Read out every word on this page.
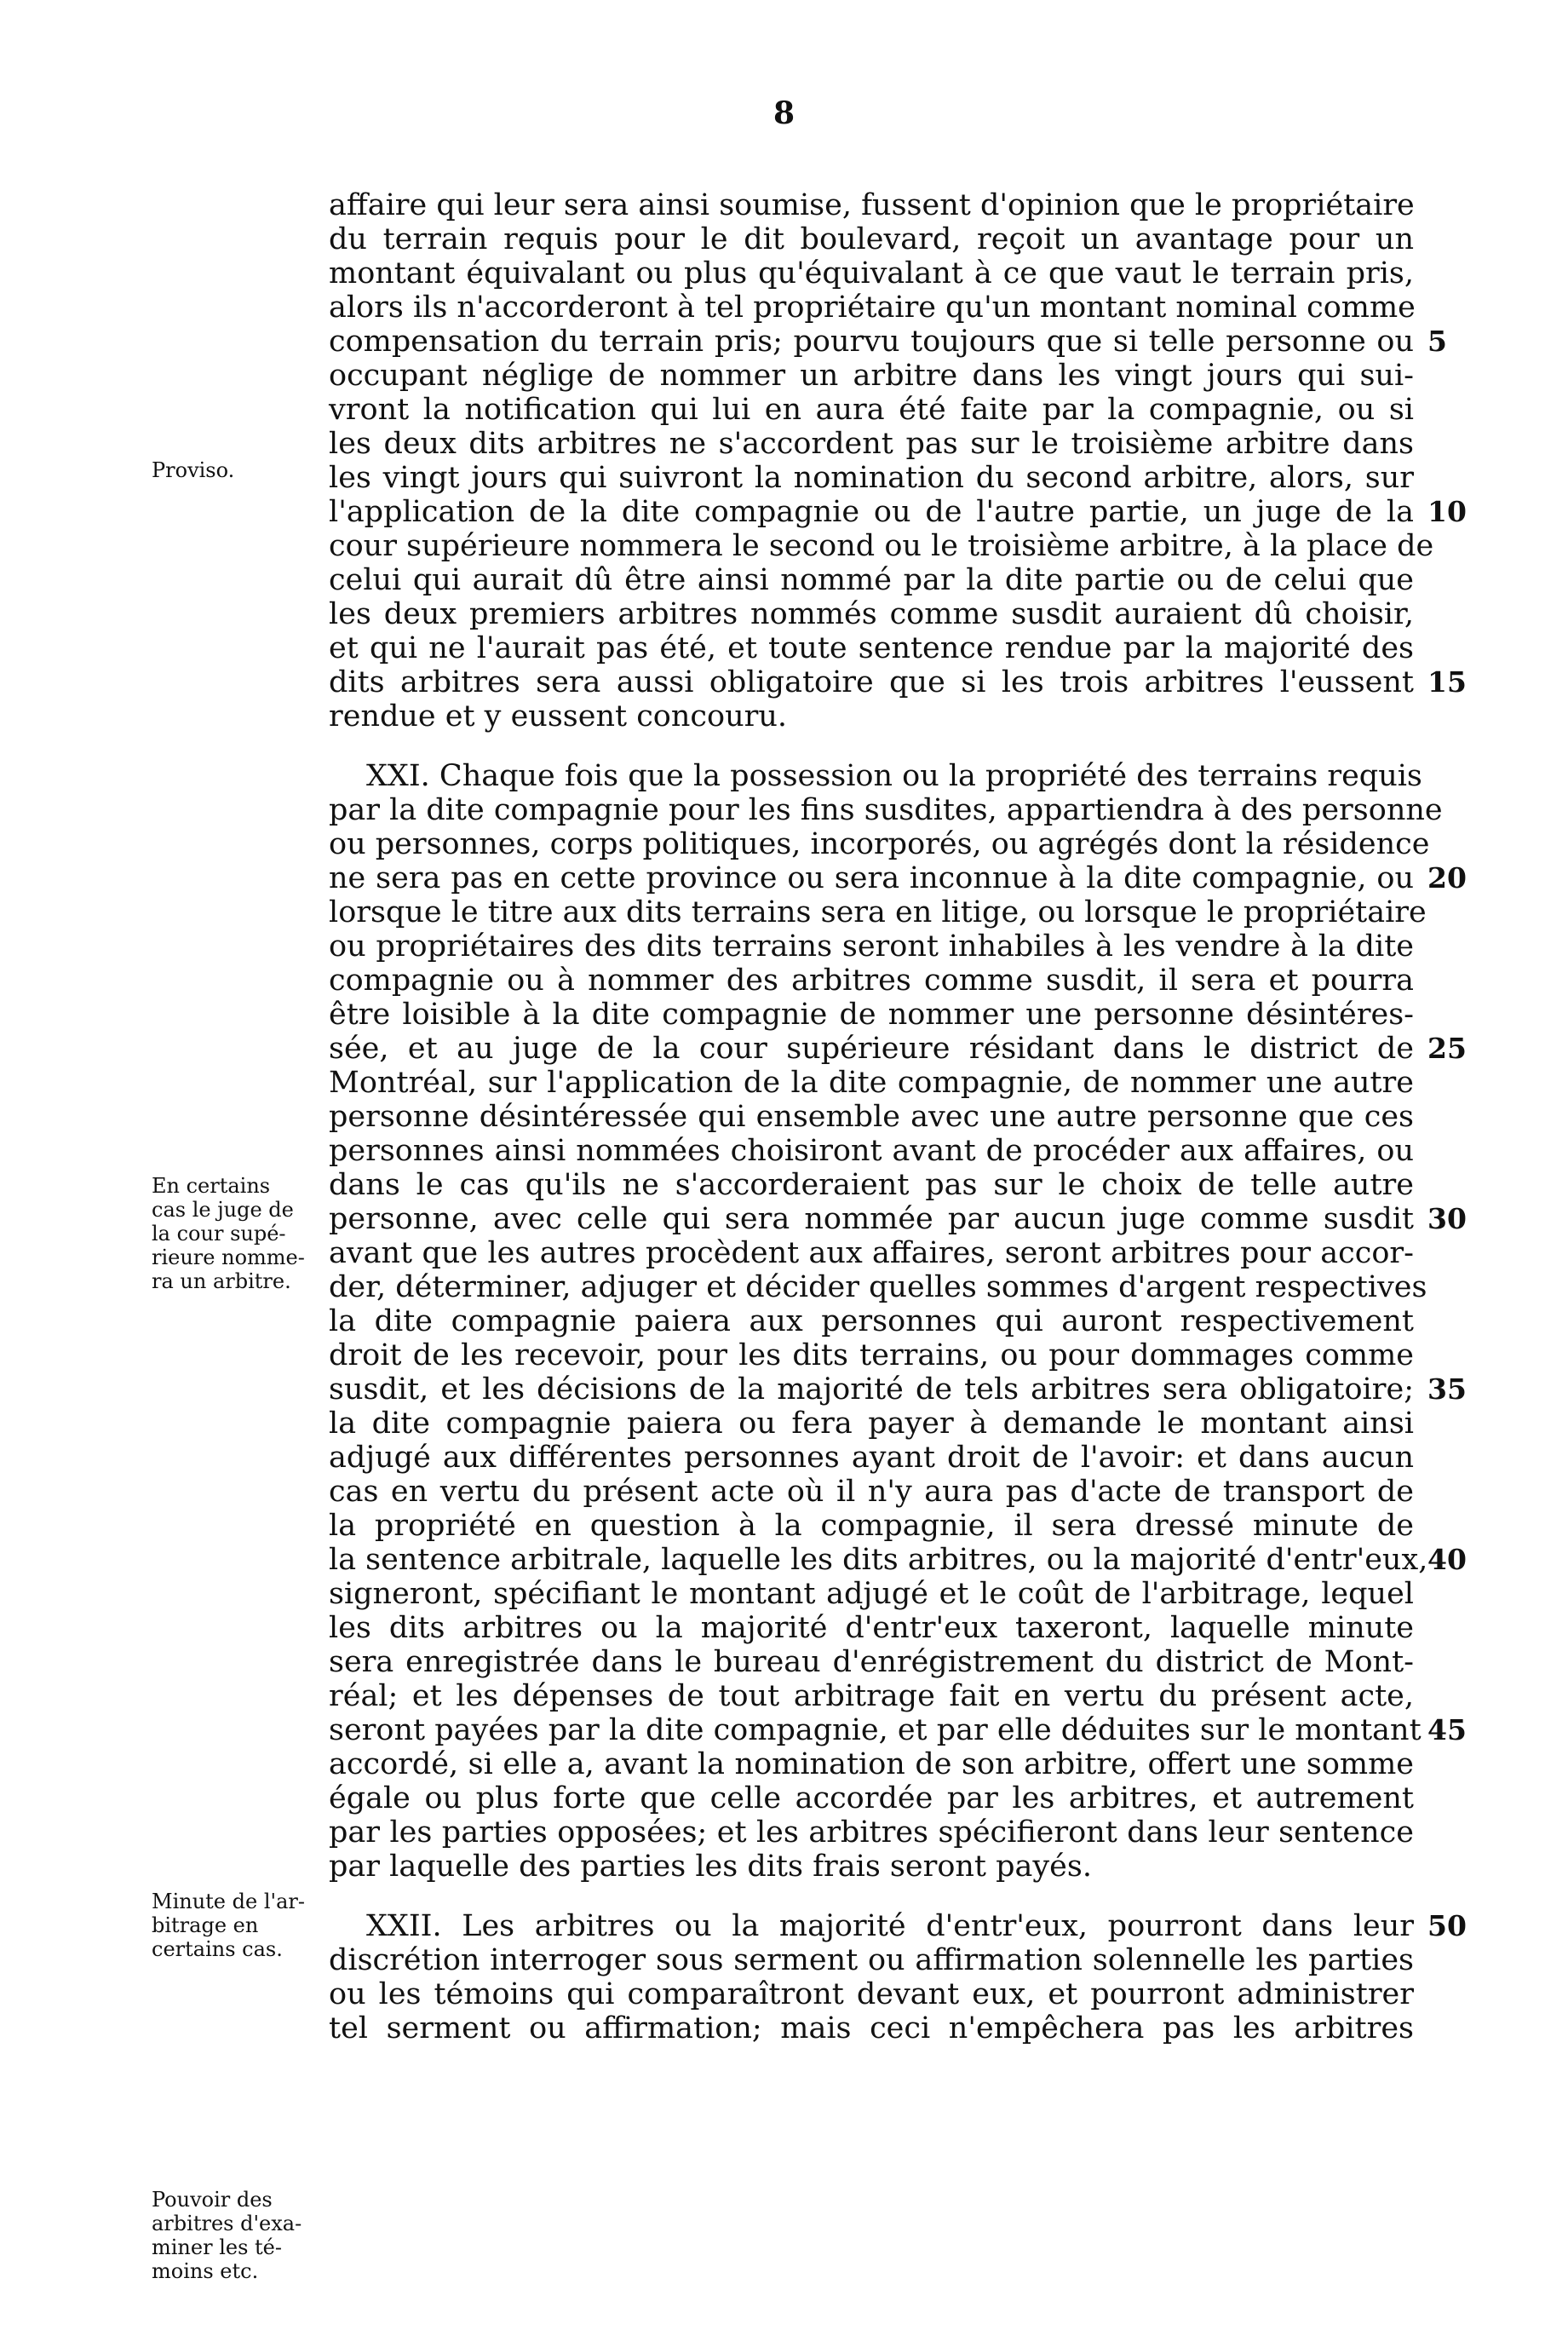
8
affaire qui leur sera ainsi soumise, fussent d'opinion que le propriétaire
du terrain requis pour le dit boulevard, reçoit un avantage pour un
montant équivalant ou plus qu'équivalant à ce que vaut le terrain pris,
alors ils n'accorderont à tel propriétaire qu'un montant nominal comme
compensation du terrain pris; pourvu toujours que si telle personne ou 5
occupant néglige de nommer un arbitre dans les vingt jours qui sui-
vront la notification qui lui en aura été faite par la compagnie, ou si
les deux dits arbitres ne s'accordent pas sur le troisième arbitre dans
les vingt jours qui suivront la nomination du second arbitre, alors, sur
l'application de la dite compagnie ou de l'autre partie, un juge de la 10
cour supérieure nommera le second ou le troisième arbitre, à la place de
celui qui aurait dû être ainsi nommé par la dite partie ou de celui que
les deux premiers arbitres nommés comme susdit auraient dû choisir,
et qui ne l'aurait pas été, et toute sentence rendue par la majorité des
dits arbitres sera aussi obligatoire que si les trois arbitres l'eussent 15
rendue et y eussent concouru.
XXI. Chaque fois que la possession ou la propriété des terrains requis
par la dite compagnie pour les fins susdites, appartiendra à des personne
ou personnes, corps politiques, incorporés, ou agrégés dont la résidence
ne sera pas en cette province ou sera inconnue à la dite compagnie, ou 20
lorsque le titre aux dits terrains sera en litige, ou lorsque le propriétaire
ou propriétaires des dits terrains seront inhabiles à les vendre à la dite
compagnie ou à nommer des arbitres comme susdit, il sera et pourra
être loisible à la dite compagnie de nommer une personne désintéres-
sée, et au juge de la cour supérieure résidant dans le district de 25
Montréal, sur l'application de la dite compagnie, de nommer une autre
personne désintéressée qui ensemble avec une autre personne que ces
personnes ainsi nommées choisiront avant de procéder aux affaires, ou
dans le cas qu'ils ne s'accorderaient pas sur le choix de telle autre
personne, avec celle qui sera nommée par aucun juge comme susdit 30
avant que les autres procèdent aux affaires, seront arbitres pour accor-
der, déterminer, adjuger et décider quelles sommes d'argent respectives
la dite compagnie paiera aux personnes qui auront respectivement
droit de les recevoir, pour les dits terrains, ou pour dommages comme
susdit, et les décisions de la majorité de tels arbitres sera obligatoire; 35
la dite compagnie paiera ou fera payer à demande le montant ainsi
adjugé aux différentes personnes ayant droit de l'avoir: et dans aucun
cas en vertu du présent acte où il n'y aura pas d'acte de transport de
la propriété en question à la compagnie, il sera dressé minute de
la sentence arbitrale, laquelle les dits arbitres, ou la majorité d'entr'eux, 40
signeront, spécifiant le montant adjugé et le coût de l'arbitrage, lequel
les dits arbitres ou la majorité d'entr'eux taxeront, laquelle minute
sera enregistrée dans le bureau d'enrégistrement du district de Mont-
réal; et les dépenses de tout arbitrage fait en vertu du présent acte,
seront payées par la dite compagnie, et par elle déduites sur le montant 45
accordé, si elle a, avant la nomination de son arbitre, offert une somme
égale ou plus forte que celle accordée par les arbitres, et autrement
par les parties opposées; et les arbitres spécifieront dans leur sentence
par laquelle des parties les dits frais seront payés.
XXII. Les arbitres ou la majorité d'entr'eux, pourront dans leur 50
discrétion interroger sous serment ou affirmation solennelle les parties
ou les témoins qui comparaîtront devant eux, et pourront administrer
tel serment ou affirmation; mais ceci n'empêchera pas les arbitres
Proviso.
En certains
cas le juge de
la cour supé-
rieure nomme-
ra un arbitre.
Minute de l'ar-
bitrage en
certains cas.
Pouvoir des
arbitres d'exa-
miner les té-
moins etc.
